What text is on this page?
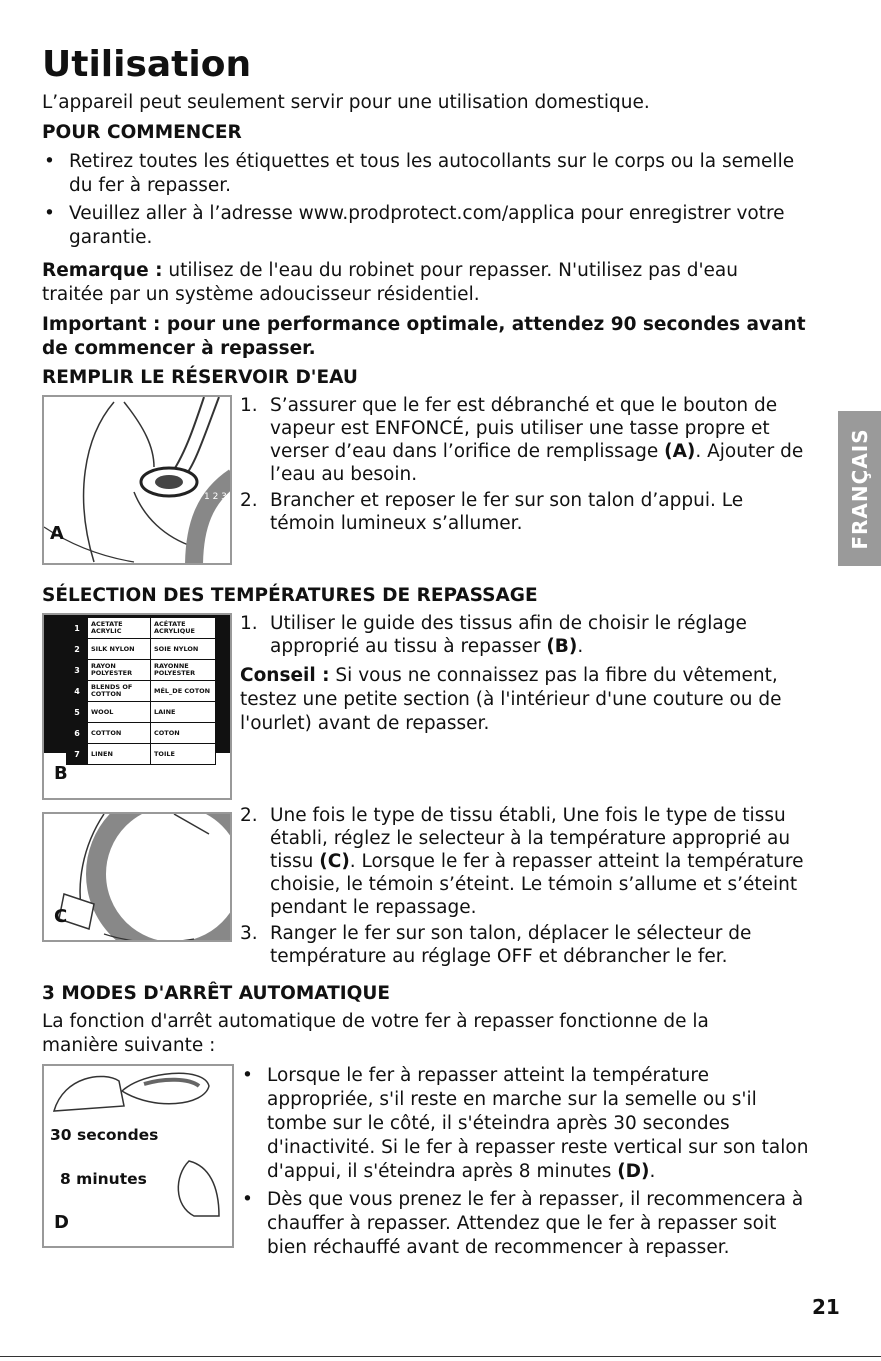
Utilisation

L’appareil peut seulement servir pour une utilisation domestique.

POUR COMMENCER

• Retirez toutes les étiquettes et tous les autocollants sur le corps ou la semelle du fer à repasser.
• Veuillez aller à l’adresse www.prodprotect.com/applica pour enregistrer votre garantie.

Remarque : utilisez de l'eau du robinet pour repasser. N'utilisez pas d'eau traitée par un système adoucisseur résidentiel.

Important : pour une performance optimale, attendez 90 secondes avant de commencer à repasser.

REMPLIR LE RÉSERVOIR D'EAU

1 2 3
A
1. S’assurer que le fer est débranché et que le bouton de vapeur est ENFONCÉ, puis utiliser une tasse propre et verser d’eau dans l’orifice de remplissage (A). Ajouter de l’eau au besoin.
2. Brancher et reposer le fer sur son talon d’appui. Le témoin lumineux s’allumer.	FRANÇAIS

SÉLECTION DES TEMPÉRATURES DE REPASSAGE

1	ACETATE ACRYLIC	ACÉTATE ACRYLIQUE
2	SILK NYLON	SOIE NYLON
3	RAYON POLYESTER	RAYONNE POLYESTER
4	BLENDS OF COTTON	MÉL_DE COTON
5	WOOL	LAINE
6	COTTON	COTON
7	LINEN	TOILE
B
1. Utiliser le guide des tissus afin de choisir le réglage approprié au tissu à repasser (B).

Conseil : Si vous ne connaissez pas la fibre du vêtement, testez une petite section (à l'intérieur d'une couture ou de l'ourlet) avant de repasser.

OFF
1 2
C
2. Une fois le type de tissu établi, Une fois le type de tissu établi, réglez le selecteur à la température approprié au tissu (C). Lorsque le fer à repasser atteint la température choisie, le témoin s’éteint. Le témoin s’allume et s’éteint pendant le repassage.
3. Ranger le fer sur son talon, déplacer le sélecteur de température au réglage OFF et débrancher le fer.

3 MODES D'ARRÊT AUTOMATIQUE

La fonction d'arrêt automatique de votre fer à repasser fonctionne de la manière suivante :

30 secondes
8 minutes
D
• Lorsque le fer à repasser atteint la température appropriée, s'il reste en marche sur la semelle ou s'il tombe sur le côté, il s'éteindra après 30 secondes d'inactivité. Si le fer à repasser reste vertical sur son talon d'appui, il s'éteindra après 8 minutes (D).
• Dès que vous prenez le fer à repasser, il recommencera à chauffer à repasser. Attendez que le fer à repasser soit bien réchauffé avant de recommencer à repasser.
21
